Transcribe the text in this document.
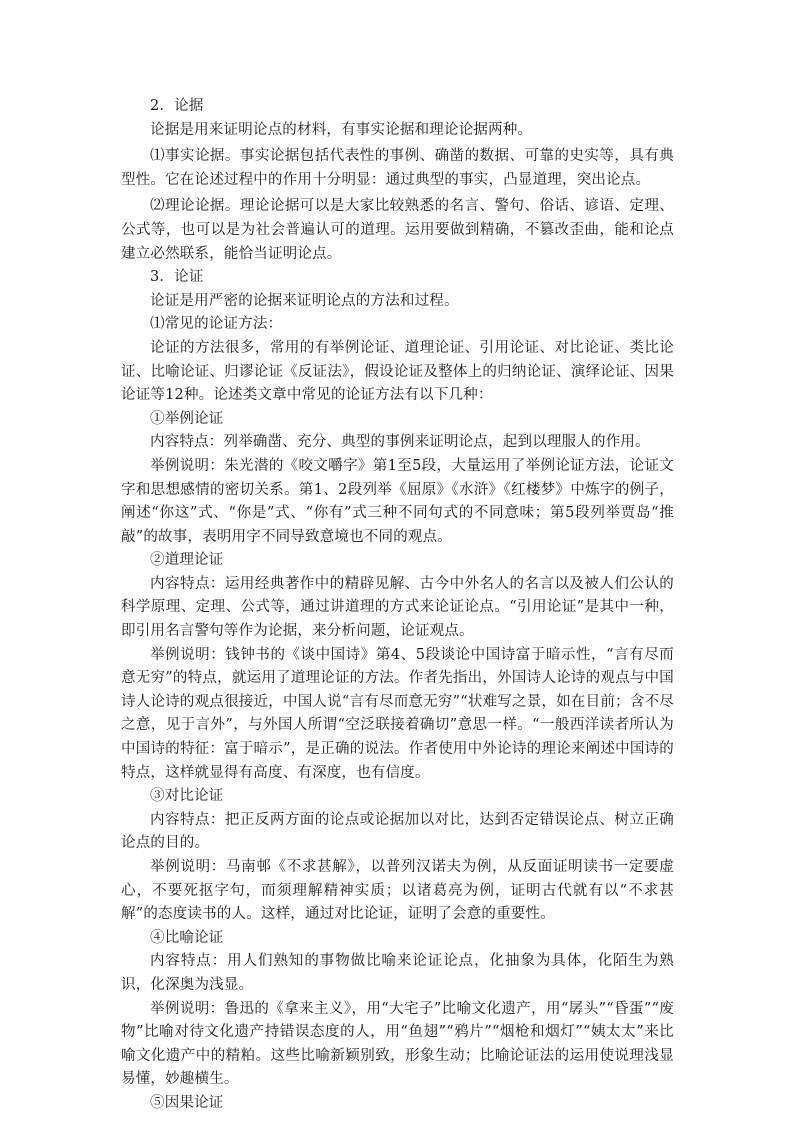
2．论据

论据是用来证明论点的材料，有事实论据和理论论据两种。

⑴事实论据。事实论据包括代表性的事例、确凿的数据、可靠的史实等，具有典型性。它在论述过程中的作用十分明显：通过典型的事实，凸显道理，突出论点。

⑵理论论据。理论论据可以是大家比较熟悉的名言、警句、俗话、谚语、定理、公式等，也可以是为社会普遍认可的道理。运用要做到精确，不篡改歪曲，能和论点建立必然联系，能恰当证明论点。

3．论证

论证是用严密的论据来证明论点的方法和过程。

⑴常见的论证方法：

论证的方法很多，常用的有举例论证、道理论证、引用论证、对比论证、类比论证、比喻论证、归谬论证《反证法》，假设论证及整体上的归纳论证、演绎论证、因果论证等12种。论述类文章中常见的论证方法有以下几种：

①举例论证

内容特点：列举确凿、充分、典型的事例来证明论点，起到以理服人的作用。

举例说明：朱光潜的《咬文嚼字》第1至5段，大量运用了举例论证方法，论证文字和思想感情的密切关系。第1、2段列举《屈原》《水浒》《红楼梦》中炼字的例子，阐述“你这”式、“你是”式、“你有”式三种不同句式的不同意味；第5段列举贾岛“推敲”的故事，表明用字不同导致意境也不同的观点。

②道理论证

内容特点：运用经典著作中的精辟见解、古今中外名人的名言以及被人们公认的科学原理、定理、公式等，通过讲道理的方式来论证论点。“引用论证”是其中一种，即引用名言警句等作为论据，来分析问题，论证观点。

举例说明：钱钟书的《谈中国诗》第4、5段谈论中国诗富于暗示性，“言有尽而意无穷”的特点，就运用了道理论证的方法。作者先指出，外国诗人论诗的观点与中国诗人论诗的观点很接近，中国人说“言有尽而意无穷”“状难写之景，如在目前；含不尽之意，见于言外”，与外国人所谓“空泛联接着确切”意思一样。“一般西洋读者所认为中国诗的特征：富于暗示”，是正确的说法。作者使用中外论诗的理论来阐述中国诗的特点，这样就显得有高度、有深度，也有信度。

③对比论证

内容特点：把正反两方面的论点或论据加以对比，达到否定错误论点、树立正确论点的目的。

举例说明：马南邨《不求甚解》，以普列汉诺夫为例，从反面证明读书一定要虚心，不要死抠字句，而须理解精神实质；以诸葛亮为例，证明古代就有以“不求甚解”的态度读书的人。这样，通过对比论证，证明了会意的重要性。

④比喻论证

内容特点：用人们熟知的事物做比喻来论证论点，化抽象为具体，化陌生为熟识，化深奥为浅显。

举例说明：鲁迅的《拿来主义》，用“大宅子”比喻文化遗产，用“孱头”“昏蛋”“废物”比喻对待文化遗产持错误态度的人，用“鱼翅”“鸦片”“烟枪和烟灯”“姨太太”来比喻文化遗产中的精粕。这些比喻新颖别致，形象生动；比喻论证法的运用使说理浅显易懂，妙趣横生。

⑤因果论证
